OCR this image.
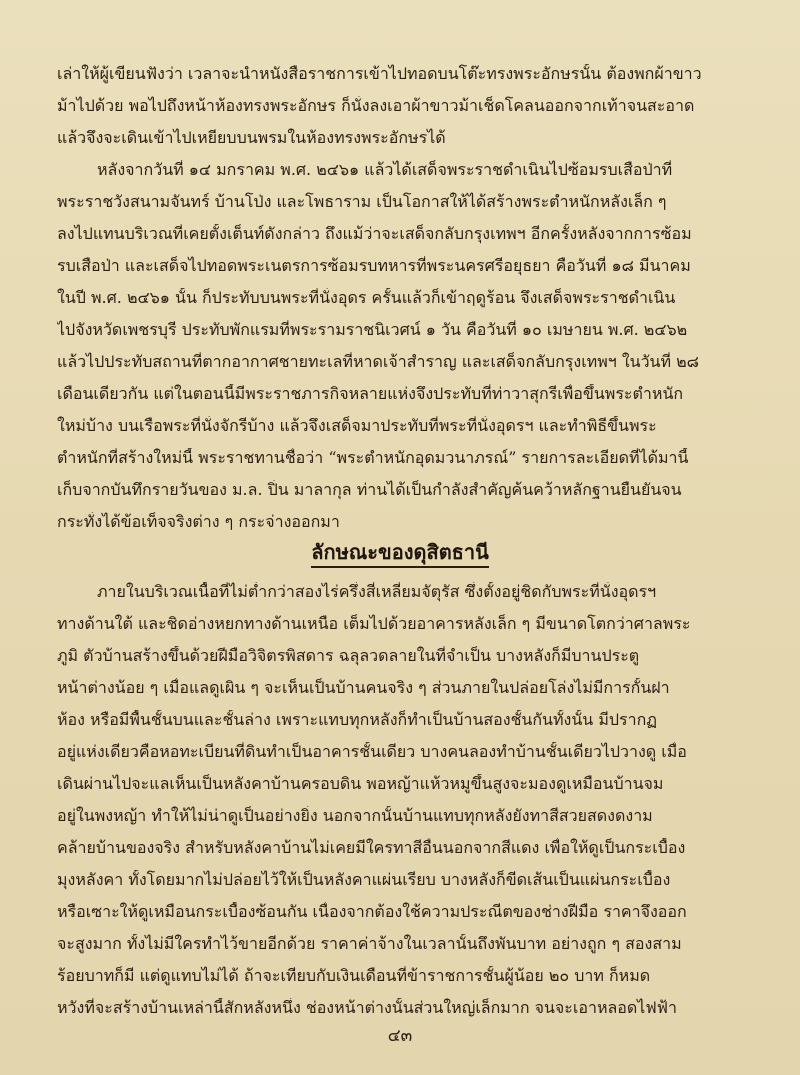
เล่าให้ผู้เขียนฟังว่า เวลาจะนำหนังสือราชการเข้าไปทอดบนโต๊ะทรงพระอักษรนั้น ต้องพกผ้าขาว
ม้าไปด้วย พอไปถึงหน้าห้องทรงพระอักษร ก็นั่งลงเอาผ้าขาวม้าเช็ดโคลนออกจากเท้าจนสะอาด
แล้วจึงจะเดินเข้าไปเหยียบบนพรมในห้องทรงพระอักษรได้
หลังจากวันที่ ๑๔ มกราคม พ.ศ. ๒๔๖๑ แล้วได้เสด็จพระราชดำเนินไปซ้อมรบเสือป่าที่
พระราชวังสนามจันทร์ บ้านโป่ง และโพธาราม เป็นโอกาสให้ได้สร้างพระตำหนักหลังเล็ก ๆ
ลงไปแทนบริเวณที่เคยตั้งเต็นท์ดังกล่าว ถึงแม้ว่าจะเสด็จกลับกรุงเทพฯ อีกครั้งหลังจากการซ้อม
รบเสือป่า และเสด็จไปทอดพระเนตรการซ้อมรบทหารที่พระนครศรีอยุธยา คือวันที่ ๑๘ มีนาคม
ในปี พ.ศ. ๒๔๖๑ นั้น ก็ประทับบนพระที่นั่งอุดร ครั้นแล้วก็เข้าฤดูร้อน จึงเสด็จพระราชดำเนิน
ไปจังหวัดเพชรบุรี ประทับพักแรมที่พระรามราชนิเวศน์ ๑ วัน คือวันที่ ๑๐ เมษายน พ.ศ. ๒๔๖๒
แล้วไปประทับสถานที่ตากอากาศชายทะเลที่หาดเจ้าสำราญ และเสด็จกลับกรุงเทพฯ ในวันที่ ๒๘
เดือนเดียวกัน แต่ในตอนนี้มีพระราชภารกิจหลายแห่งจึงประทับที่ท่าวาสุกรีเพื่อขึ้นพระตำหนัก
ใหม่บ้าง บนเรือพระที่นั่งจักรีบ้าง แล้วจึงเสด็จมาประทับที่พระที่นั่งอุดรฯ และทำพิธีขึ้นพระ
ตำหนักที่สร้างใหม่นี้ พระราชทานชื่อว่า “พระตำหนักอุดมวนาภรณ์” รายการละเอียดที่ได้มานี้
เก็บจากบันทึกรายวันของ ม.ล. ปิ่น มาลากุล ท่านได้เป็นกำลังสำคัญค้นคว้าหลักฐานยืนยันจน
กระทั่งได้ข้อเท็จจริงต่าง ๆ กระจ่างออกมา
ลักษณะของดุสิตธานี
ภายในบริเวณเนื้อที่ไม่ต่ำกว่าสองไร่ครึ่งสี่เหลี่ยมจัตุรัส ซึ่งตั้งอยู่ชิดกับพระที่นั่งอุดรฯ
ทางด้านใต้ และชิดอ่างหยกทางด้านเหนือ เต็มไปด้วยอาคารหลังเล็ก ๆ มีขนาดโตกว่าศาลพระ
ภูมิ ตัวบ้านสร้างขึ้นด้วยฝีมือวิจิตรพิสดาร ฉลุลวดลายในที่จำเป็น บางหลังก็มีบานประตู
หน้าต่างน้อย ๆ เมื่อแลดูเผิน ๆ จะเห็นเป็นบ้านคนจริง ๆ ส่วนภายในปล่อยโล่งไม่มีการกั้นฝา
ห้อง หรือมีพื้นชั้นบนและชั้นล่าง เพราะแทบทุกหลังก็ทำเป็นบ้านสองชั้นกันทั้งนั้น มีปรากฏ
อยู่แห่งเดียวคือหอทะเบียนที่ดินทำเป็นอาคารชั้นเดียว บางคนลองทำบ้านชั้นเดียวไปวางดู เมื่อ
เดินผ่านไปจะแลเห็นเป็นหลังคาบ้านครอบดิน พอหญ้าแห้วหมูขึ้นสูงจะมองดูเหมือนบ้านจม
อยู่ในพงหญ้า ทำให้ไม่น่าดูเป็นอย่างยิ่ง นอกจากนั้นบ้านแทบทุกหลังยังทาสีสวยสดงดงาม
คล้ายบ้านของจริง สำหรับหลังคาบ้านไม่เคยมีใครทาสีอื่นนอกจากสีแดง เพื่อให้ดูเป็นกระเบื้อง
มุงหลังคา ทั้งโดยมากไม่ปล่อยไว้ให้เป็นหลังคาแผ่นเรียบ บางหลังก็ขีดเส้นเป็นแผ่นกระเบื้อง
หรือเซาะให้ดูเหมือนกระเบื้องซ้อนกัน เนื่องจากต้องใช้ความประณีตของช่างฝีมือ ราคาจึงออก
จะสูงมาก ทั้งไม่มีใครทำไว้ขายอีกด้วย ราคาค่าจ้างในเวลานั้นถึงพันบาท อย่างถูก ๆ สองสาม
ร้อยบาทก็มี แต่ดูแทบไม่ได้ ถ้าจะเทียบกับเงินเดือนที่ข้าราชการชั้นผู้น้อย ๒๐ บาท ก็หมด
หวังที่จะสร้างบ้านเหล่านี้สักหลังหนึ่ง ช่องหน้าต่างนั้นส่วนใหญ่เล็กมาก จนจะเอาหลอดไฟฟ้า
๔๓
